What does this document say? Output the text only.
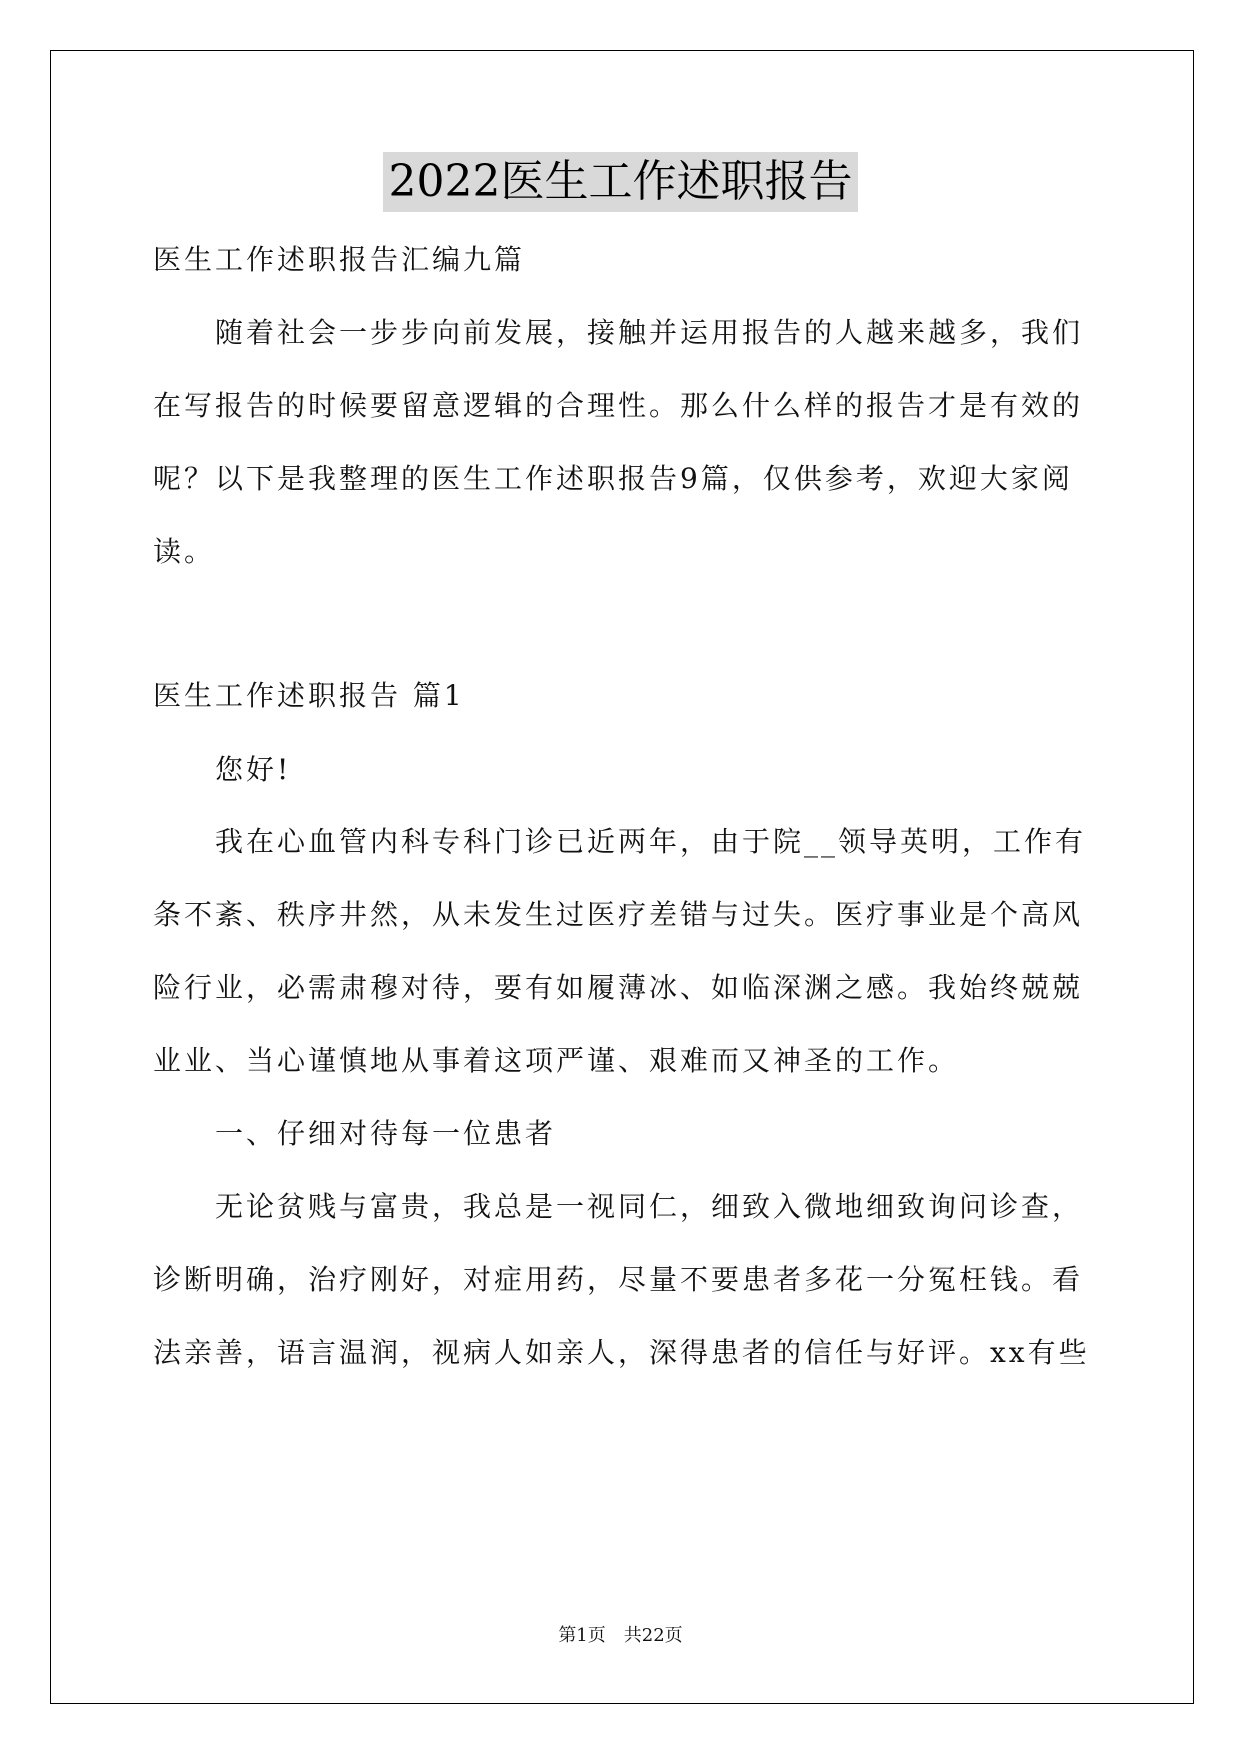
2022医生工作述职报告

医生工作述职报告汇编九篇

随着社会一步步向前发展，接触并运用报告的人越来越多，我们

在写报告的时候要留意逻辑的合理性。那么什么样的报告才是有效的

呢？以下是我整理的医生工作述职报告9篇，仅供参考，欢迎大家阅

读。

医生工作述职报告 篇1

您好!

我在心血管内科专科门诊已近两年，由于院__领导英明，工作有

条不紊、秩序井然，从未发生过医疗差错与过失。医疗事业是个高风

险行业，必需肃穆对待，要有如履薄冰、如临深渊之感。我始终兢兢

业业、当心谨慎地从事着这项严谨、艰难而又神圣的工作。

一、仔细对待每一位患者

无论贫贱与富贵，我总是一视同仁，细致入微地细致询问诊查，

诊断明确，治疗刚好，对症用药，尽量不要患者多花一分冤枉钱。看

法亲善，语言温润，视病人如亲人，深得患者的信任与好评。xx有些

第1页　共22页
